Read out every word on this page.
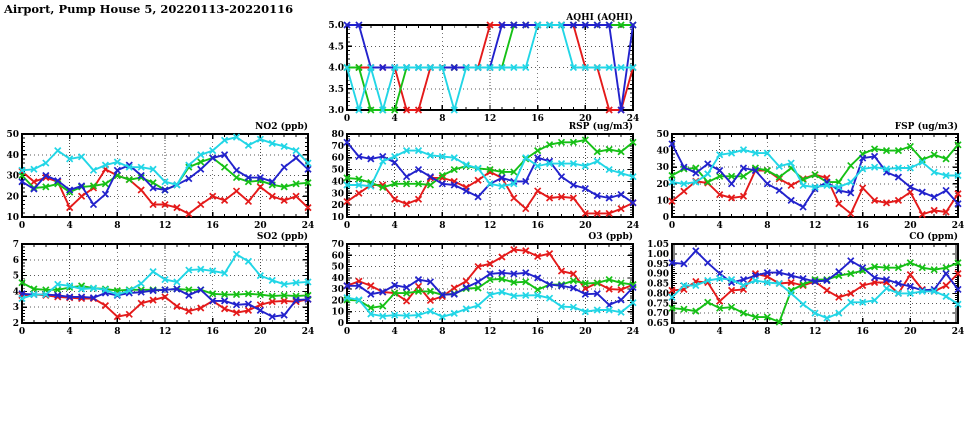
Airport, Pump House 5, 20220113-20220116
3.0
3.5
4.0
4.5
5.0
0	4	8	12	16	20	24
AQHI (AQHI)
10
20
30
40
50
0	4	8	12	16	20	24
NO2 (ppb)
10
20
30
40
50
60
70
80
0	4	8	12	16	20	24
RSP (ug/m3)
0
10
20
30
40
50
0	4	8	12	16	20	24
FSP (ug/m3)
2
3
4
5
6
7
0	4	8	12	16	20	24
SO2 (ppb)
0
10
20
30
40
50
60
70
0	4	8	12	16	20	24
O3 (ppb)
0.65
0.70
0.75
0.80
0.85
0.90
0.95
1.00
1.05
0	4	8	12	16	20	24
CO (ppm)
